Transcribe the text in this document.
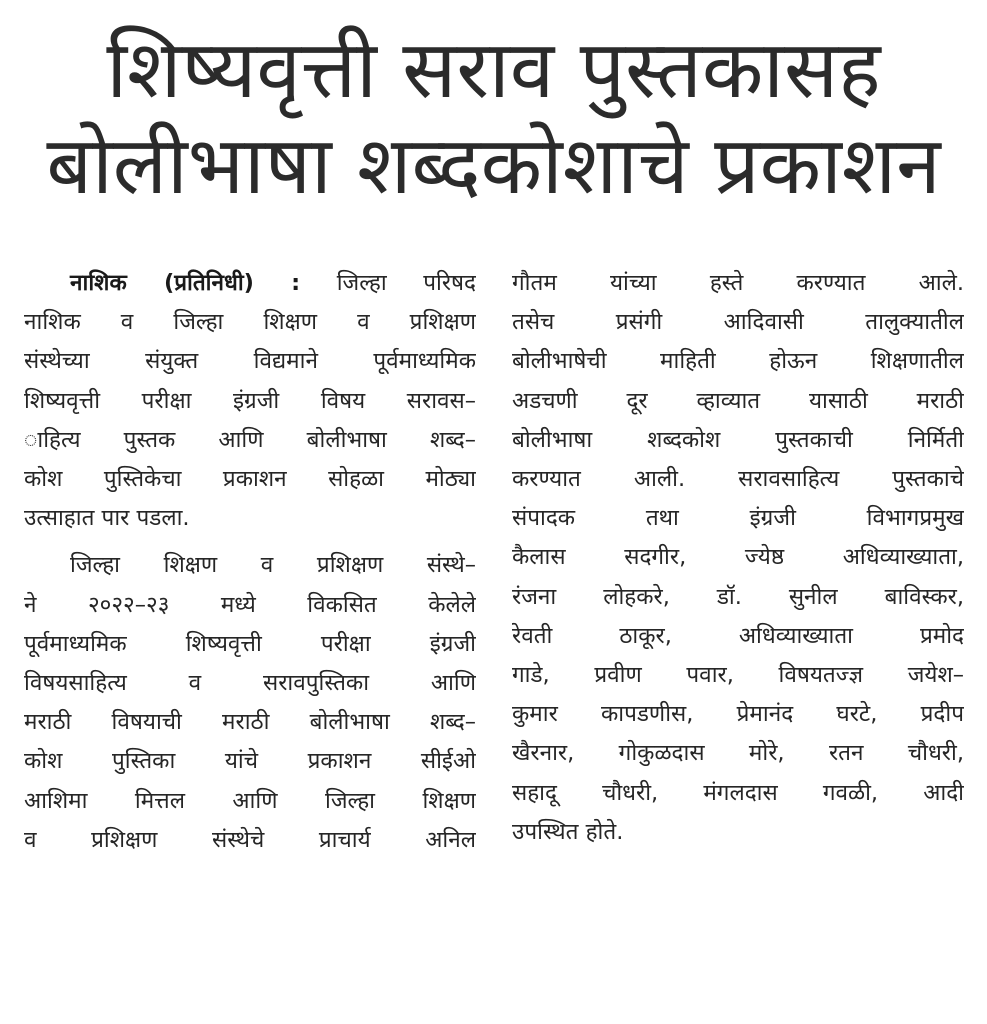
शिष्यवृत्ती सराव पुस्तकासह
बोलीभाषा शब्दकोशाचे प्रकाशन

नाशिक (प्रतिनिधी) : जिल्हा परिषद
नाशिक व जिल्हा शिक्षण व प्रशिक्षण
संस्थेच्या संयुक्त विद्यमाने पूर्वमाध्यमिक
शिष्यवृत्ती परीक्षा इंग्रजी विषय सरावस–
ाहित्य पुस्तक आणि बोलीभाषा शब्द–
कोश पुस्तिकेचा प्रकाशन सोहळा मोठ्या
उत्साहात पार पडला.

जिल्हा शिक्षण व प्रशिक्षण संस्थे–
ने २०२२–२३ मध्ये विकसित केलेले
पूर्वमाध्यमिक शिष्यवृत्ती परीक्षा इंग्रजी
विषयसाहित्य व सरावपुस्तिका आणि
मराठी विषयाची मराठी बोलीभाषा शब्द–
कोश पुस्तिका यांचे प्रकाशन सीईओ
आशिमा मित्तल आणि जिल्हा शिक्षण
व प्रशिक्षण संस्थेचे प्राचार्य अनिल

गौतम यांच्या हस्ते करण्यात आले.
तसेच प्रसंगी आदिवासी तालुक्यातील
बोलीभाषेची माहिती होऊन शिक्षणातील
अडचणी दूर व्हाव्यात यासाठी मराठी
बोलीभाषा शब्दकोश पुस्तकाची निर्मिती
करण्यात आली. सरावसाहित्य पुस्तकाचे
संपादक तथा इंग्रजी विभागप्रमुख
कैलास सदगीर, ज्येष्ठ अधिव्याख्याता,
रंजना लोहकरे, डॉ. सुनील बाविस्कर,
रेवती ठाकूर, अधिव्याख्याता प्रमोद
गाडे, प्रवीण पवार, विषयतज्ज्ञ जयेश–
कुमार कापडणीस, प्रेमानंद घरटे, प्रदीप
खैरनार, गोकुळदास मोरे, रतन चौधरी,
सहादू चौधरी, मंगलदास गवळी, आदी
उपस्थित होते.
